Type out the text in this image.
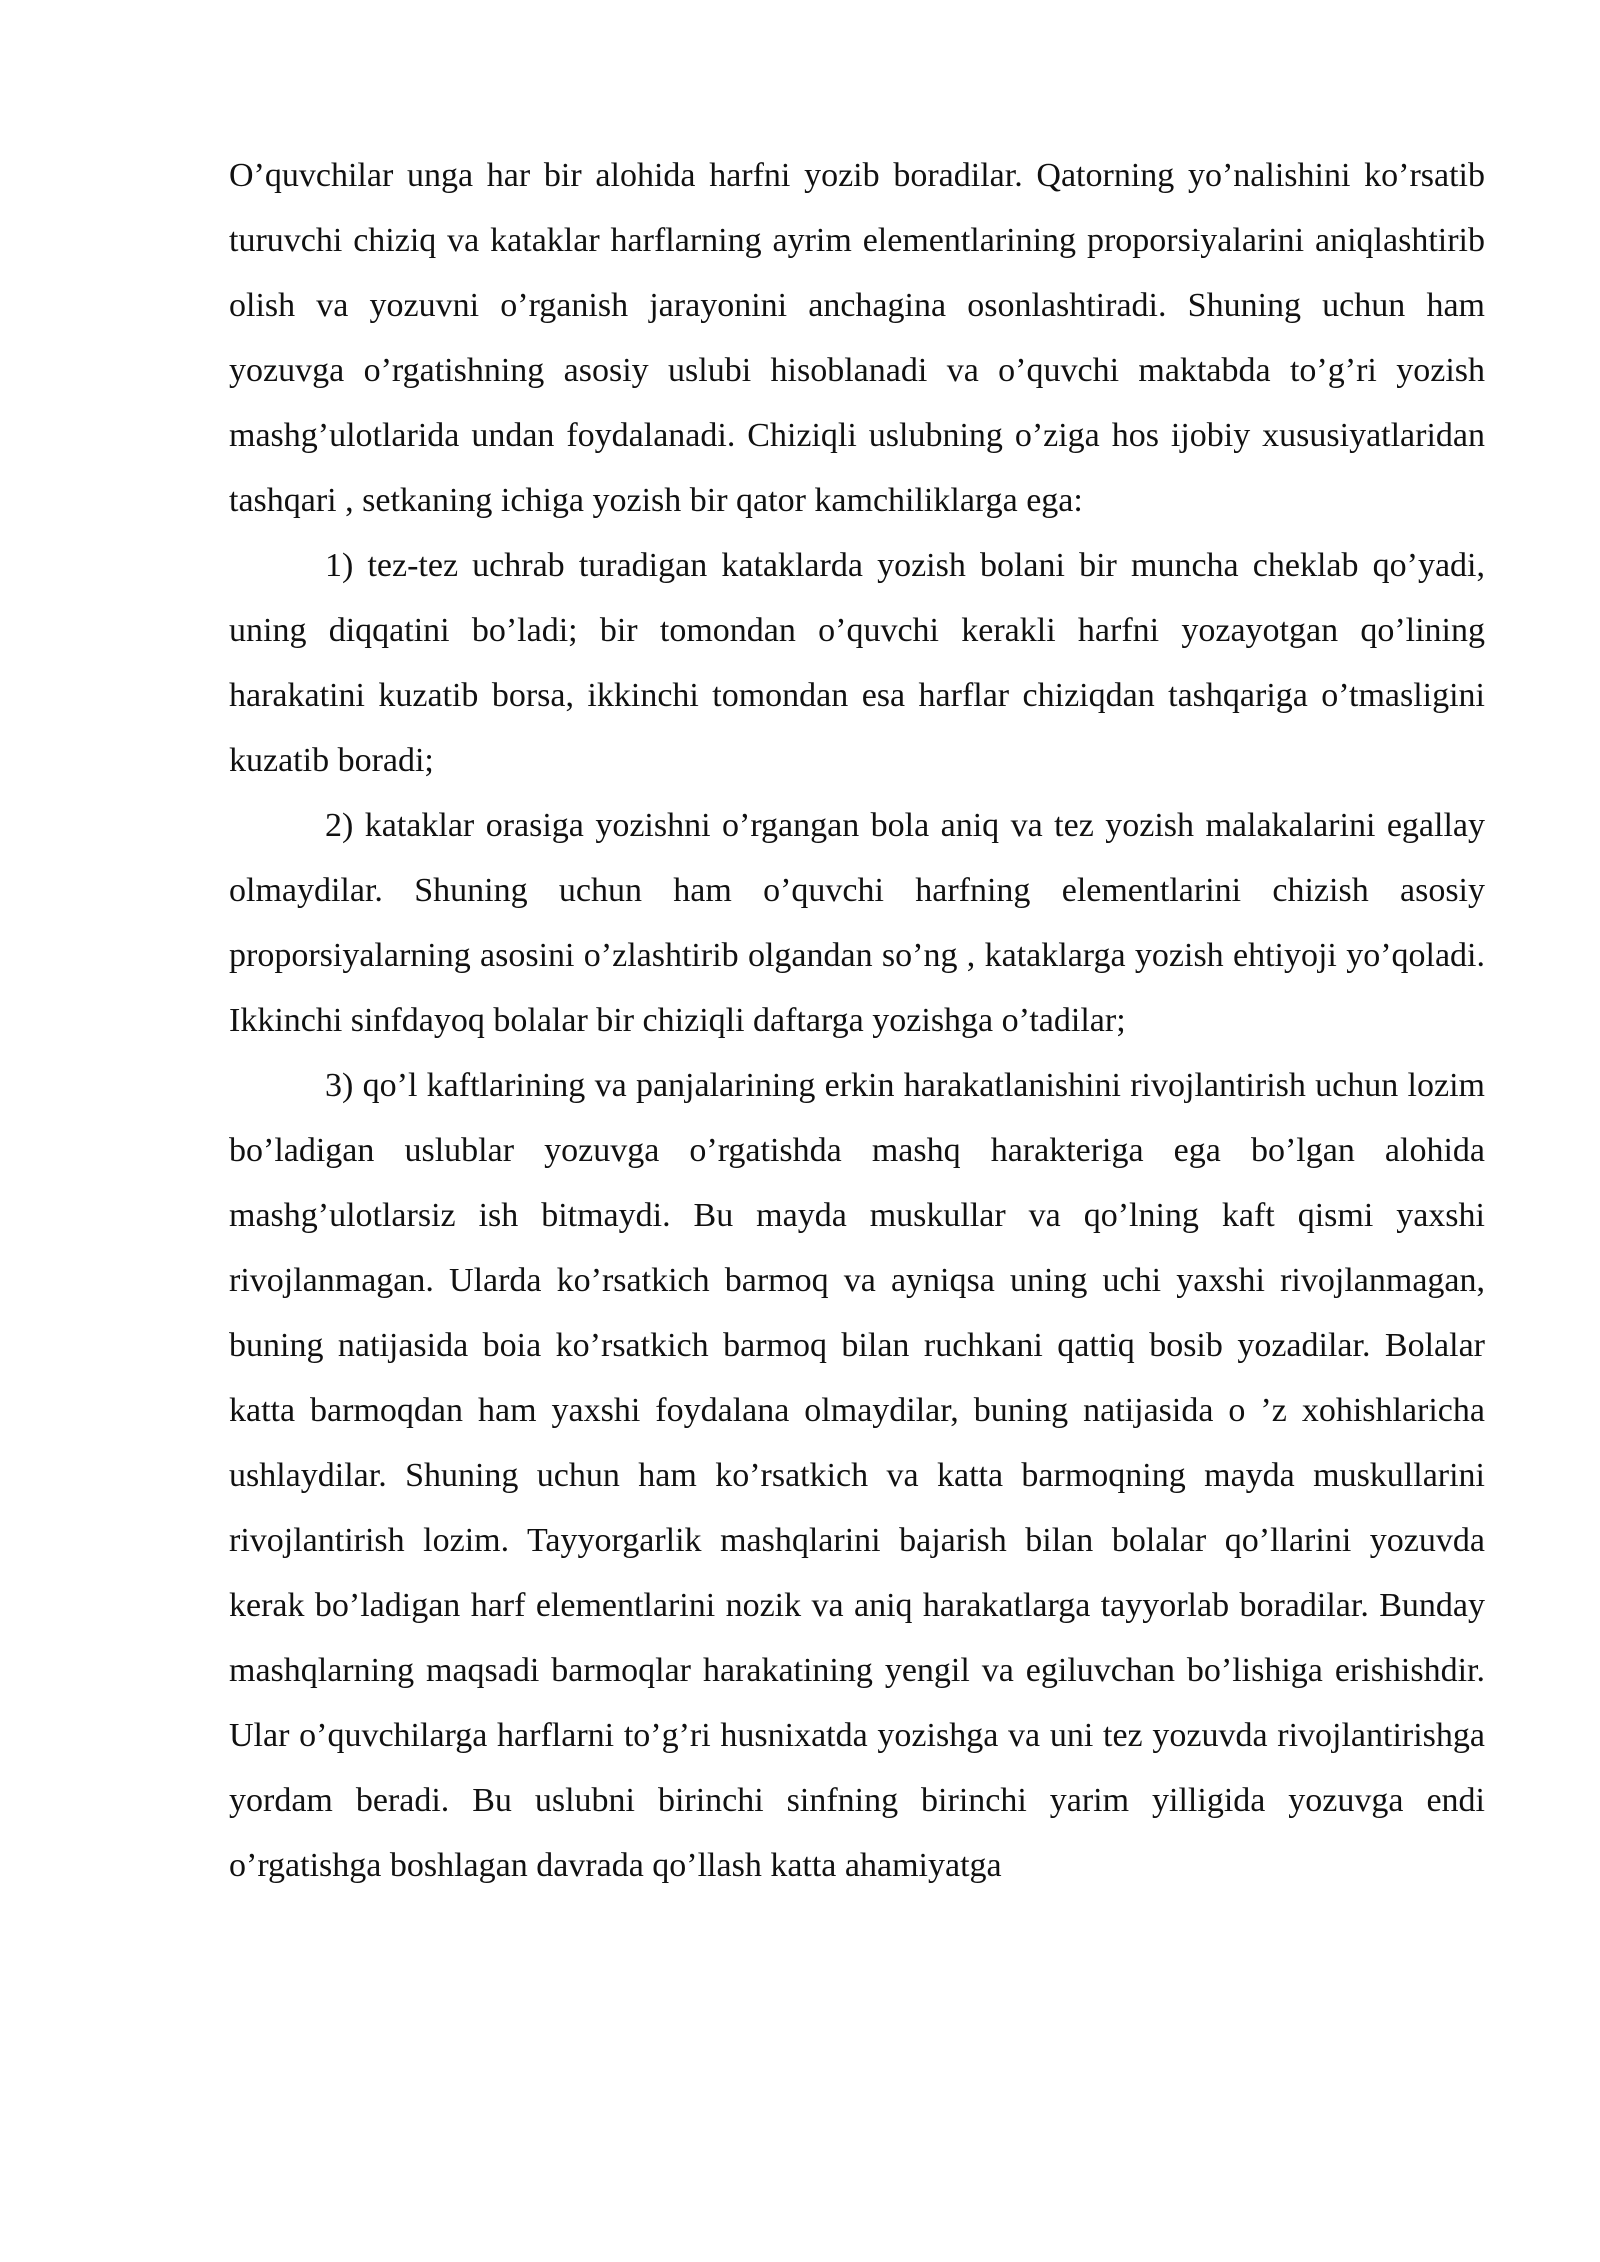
O’quvchilar unga har bir alohida harfni yozib boradilar. Qatorning yo’nalishini ko’rsatib turuvchi chiziq va kataklar harflarning ayrim elementlarining proporsiyalarini aniqlashtirib olish va yozuvni o’rganish jarayonini anchagina osonlashtiradi. Shuning uchun ham yozuvga o’rgatishning asosiy uslubi hisoblanadi va o’quvchi maktabda to’g’ri yozish mashg’ulotlarida undan foydalanadi. Chiziqli uslubning o’ziga hos ijobiy xususiyatlaridan tashqari , setkaning ichiga yozish bir qator kamchiliklarga ega:

1) tez-tez uchrab turadigan kataklarda yozish bolani bir muncha cheklab qo’yadi, uning diqqatini bo’ladi; bir tomondan o’quvchi kerakli harfni yozayotgan qo’lining harakatini kuzatib borsa, ikkinchi tomondan esa harflar chiziqdan tashqariga o’tmasligini kuzatib boradi;

2) kataklar orasiga yozishni o’rgangan bola aniq va tez yozish malakalarini egallay olmaydilar. Shuning uchun ham o’quvchi harfning elementlarini chizish asosiy proporsiyalarning asosini o’zlashtirib olgandan so’ng , kataklarga yozish ehtiyoji yo’qoladi. Ikkinchi sinfdayoq bolalar bir chiziqli daftarga yozishga o’tadilar;

3) qo’l kaftlarining va panjalarining erkin harakatlanishini rivojlantirish uchun lozim bo’ladigan uslublar yozuvga o’rgatishda mashq harakteriga ega bo’lgan alohida mashg’ulotlarsiz ish bitmaydi. Bu mayda muskullar va qo’lning kaft qismi yaxshi rivojlanmagan. Ularda ko’rsatkich barmoq va ayniqsa uning uchi yaxshi rivojlanmagan, buning natijasida boia ko’rsatkich barmoq bilan ruchkani qattiq bosib yozadilar. Bolalar katta barmoqdan ham yaxshi foydalana olmaydilar, buning natijasida o ’z xohishlaricha ushlaydilar. Shuning uchun ham ko’rsatkich va katta barmoqning mayda muskullarini rivojlantirish lozim. Tayyorgarlik mashqlarini bajarish bilan bolalar qo’llarini yozuvda kerak bo’ladigan harf elementlarini nozik va aniq harakatlarga tayyorlab boradilar. Bunday mashqlarning maqsadi barmoqlar harakatining yengil va egiluvchan bo’lishiga erishishdir. Ular o’quvchilarga harflarni to’g’ri husnixatda yozishga va uni tez yozuvda rivojlantirishga yordam beradi. Bu uslubni birinchi sinfning birinchi yarim yilligida yozuvga endi o’rgatishga boshlagan davrada qo’llash katta ahamiyatga
